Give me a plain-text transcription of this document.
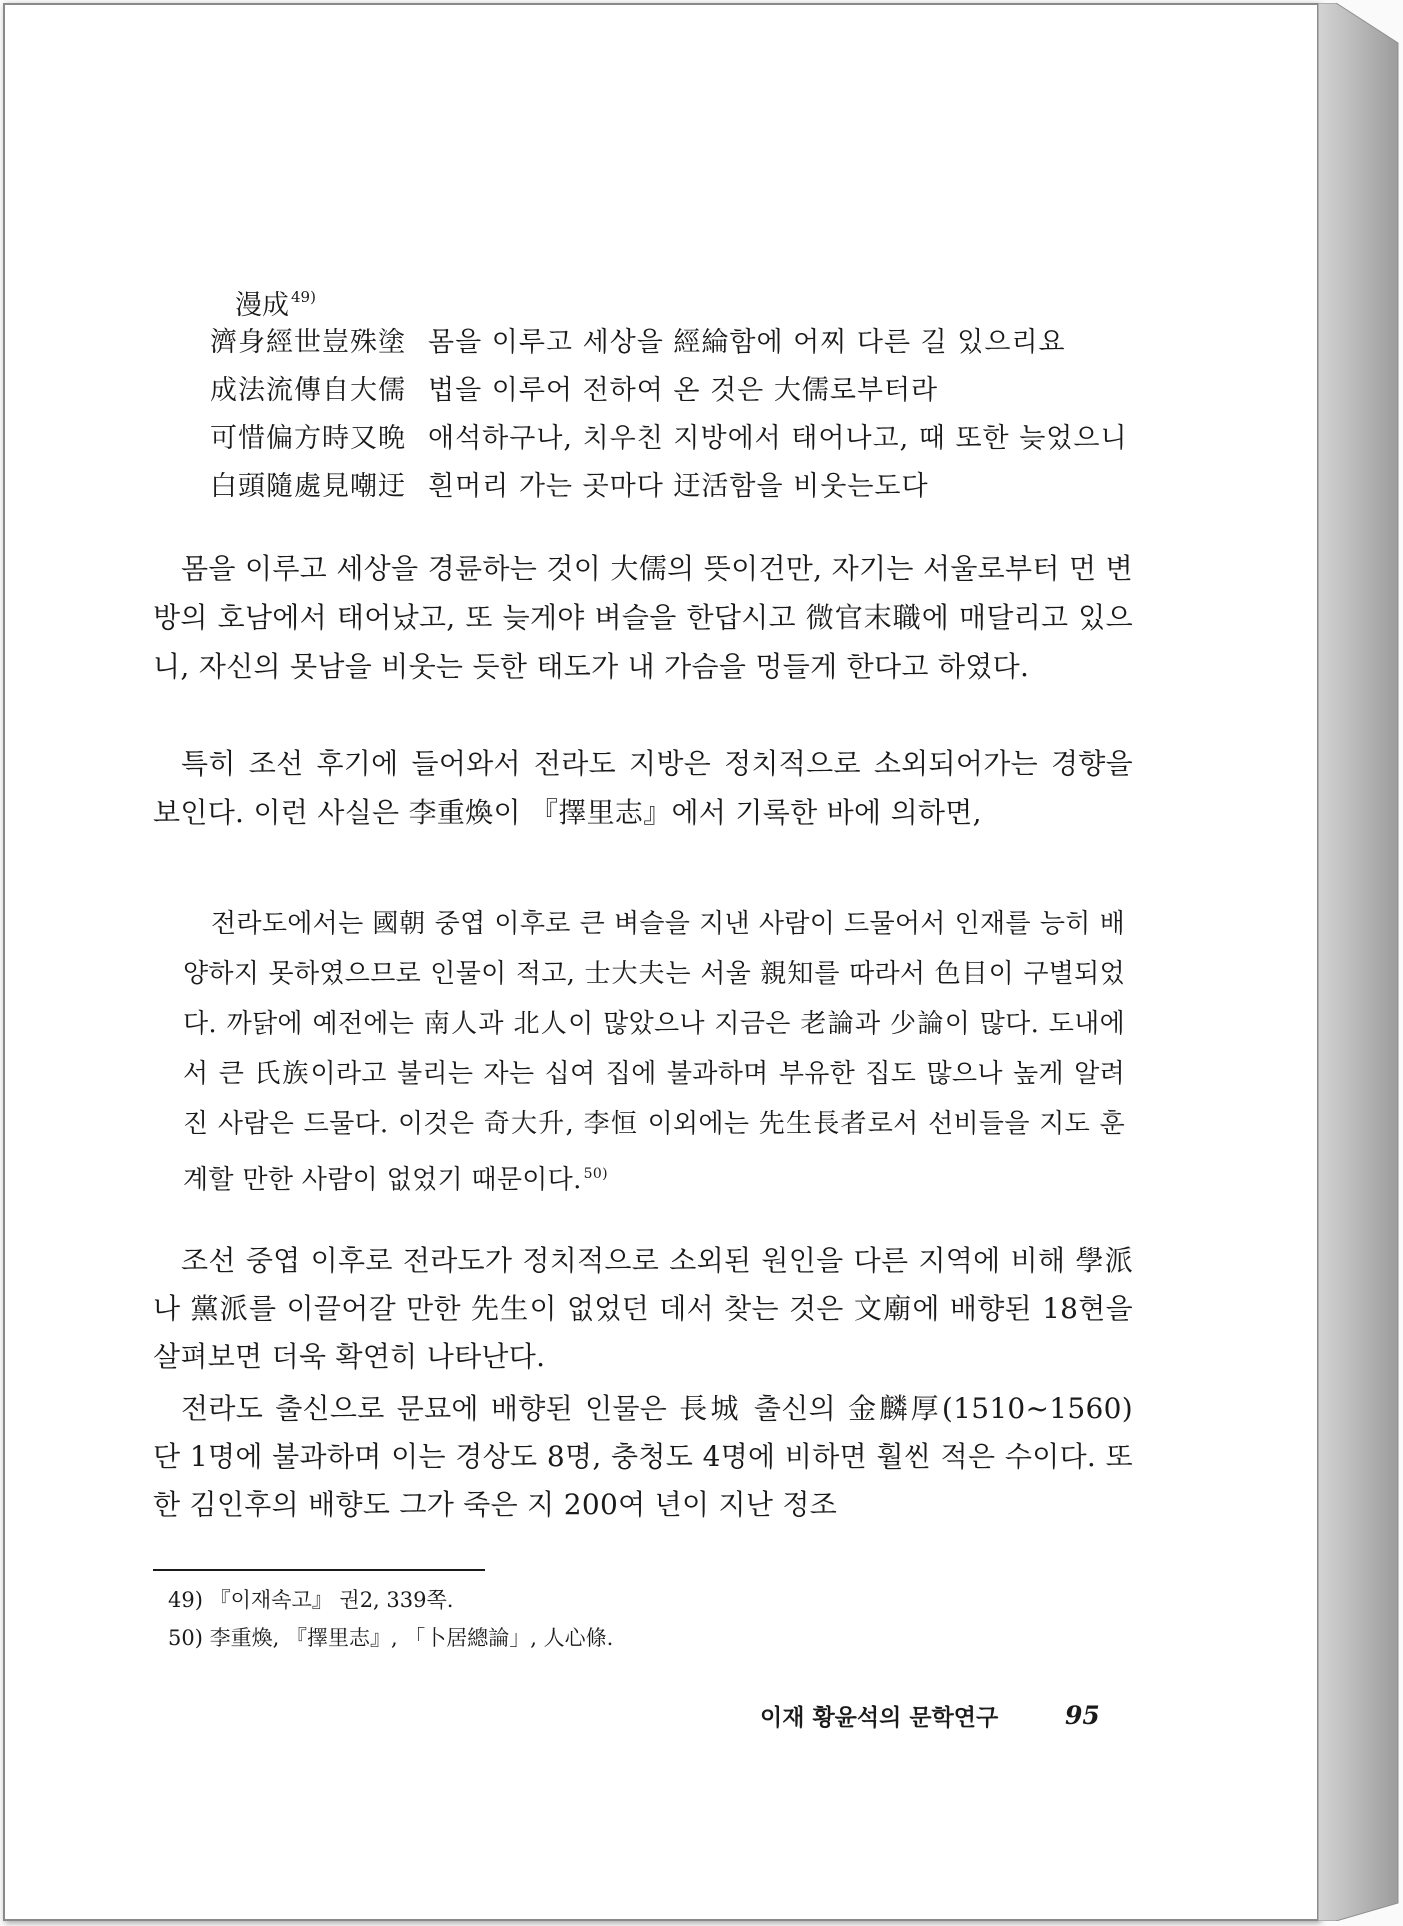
漫成 $^{49)}$
濟身經世豈殊塗 몸을 이루고 세상을 經綸함에 어찌 다른 길 있으리요
成法流傳自大儒 법을 이루어 전하여 온 것은 大儒로부터라
可惜偏方時又晩 애석하구나, 치우친 지방에서 태어나고, 때 또한 늦었으니
白頭隨處見嘲迂 흰머리 가는 곳마다 迂活함을 비웃는도다

몸을 이루고 세상을 경륜하는 것이 大儒의 뜻이건만, 자기는 서울로부터 먼 변방의 호남에서 태어났고, 또 늦게야 벼슬을 한답시고 微官末職에 매달리고 있으니, 자신의 못남을 비웃는 듯한 태도가 내 가슴을 멍들게 한다고 하였다.

특히 조선 후기에 들어와서 전라도 지방은 정치적으로 소외되어가는 경향을 보인다. 이런 사실은 李重煥이 『擇里志』에서 기록한 바에 의하면,

전라도에서는 國朝 중엽 이후로 큰 벼슬을 지낸 사람이 드물어서 인재를 능히 배양하지 못하였으므로 인물이 적고, 士大夫는 서울 親知를 따라서 色目이 구별되었다. 까닭에 예전에는 南人과 北人이 많았으나 지금은 老論과 少論이 많다. 도내에서 큰 氏族이라고 불리는 자는 십여 집에 불과하며 부유한 집도 많으나 높게 알려진 사람은 드물다. 이것은 奇大升, 李恒 이외에는 先生長者로서 선비들을 지도 훈계할 만한 사람이 없었기 때문이다. $^{50)}$

조선 중엽 이후로 전라도가 정치적으로 소외된 원인을 다른 지역에 비해 學派나 黨派를 이끌어갈 만한 先生이 없었던 데서 찾는 것은 文廟에 배향된 18현을 살펴보면 더욱 확연히 나타난다.

전라도 출신으로 문묘에 배향된 인물은 長城 출신의 金麟厚(1510~1560) 단 1명에 불과하며 이는 경상도 8명, 충청도 4명에 비하면 훨씬 적은 수이다. 또한 김인후의 배향도 그가 죽은 지 200여 년이 지난 정조

49) 『이재속고』 권2, 339쪽.
50) 李重煥, 『擇里志』, 「卜居總論」, 人心條.
이재 황윤석의 문학연구	95
